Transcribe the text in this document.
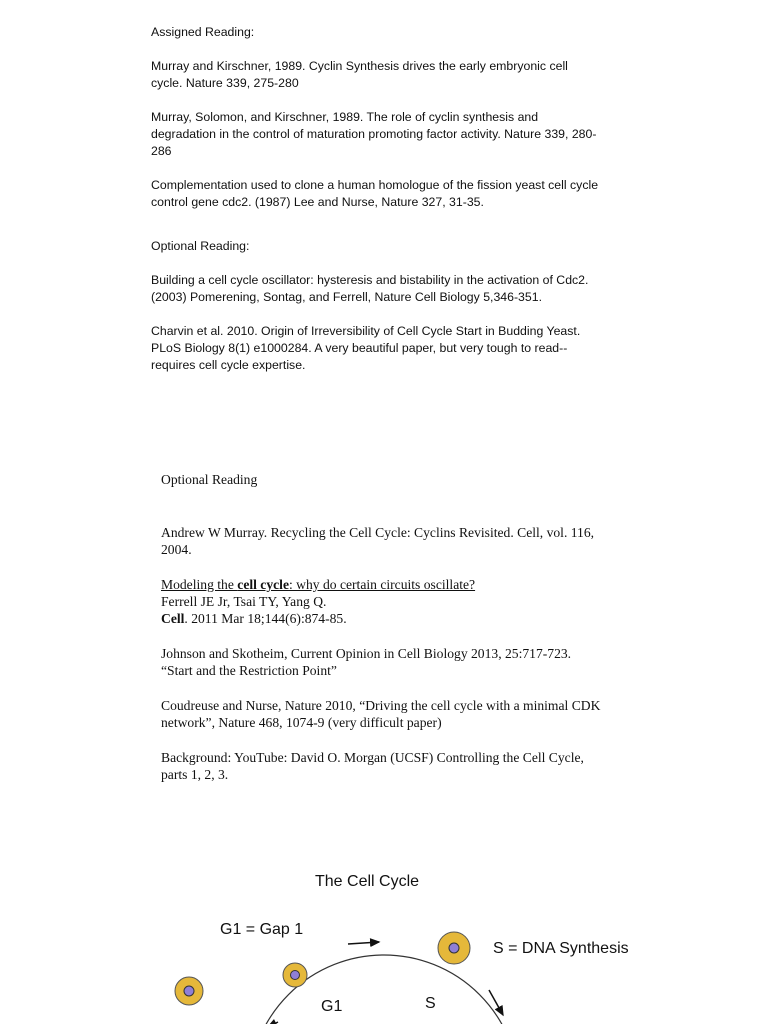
Assigned Reading:

Murray and Kirschner, 1989. Cyclin Synthesis drives the early embryonic cell cycle. Nature 339, 275-280

Murray, Solomon, and Kirschner, 1989. The role of cyclin synthesis and degradation in the control of maturation promoting factor activity. Nature 339, 280-286

Complementation used to clone a human homologue of the fission yeast cell cycle control gene cdc2. (1987) Lee and Nurse, Nature 327, 31-35.

Optional Reading:

Building a cell cycle oscillator: hysteresis and bistability in the activation of Cdc2. (2003) Pomerening, Sontag, and Ferrell, Nature Cell Biology 5,346-351.

Charvin et al. 2010. Origin of Irreversibility of Cell Cycle Start in Budding Yeast. PLoS Biology 8(1) e1000284. A very beautiful paper, but very tough to read--requires cell cycle expertise.

Optional Reading

Andrew W Murray. Recycling the Cell Cycle: Cyclins Revisited. Cell, vol. 116, 2004.

Modeling the cell cycle: why do certain circuits oscillate?
Ferrell JE Jr, Tsai TY, Yang Q.
Cell. 2011 Mar 18;144(6):874-85.

Johnson and Skotheim, Current Opinion in Cell Biology 2013, 25:717-723.
“Start and the Restriction Point”

Coudreuse and Nurse, Nature 2010, “Driving the cell cycle with a minimal CDK network”, Nature 468, 1074-9 (very difficult paper)

Background: YouTube: David O. Morgan (UCSF) Controlling the Cell Cycle, parts 1, 2, 3.

The Cell Cycle
G1 = Gap 1
S = DNA Synthesis
G1	S
